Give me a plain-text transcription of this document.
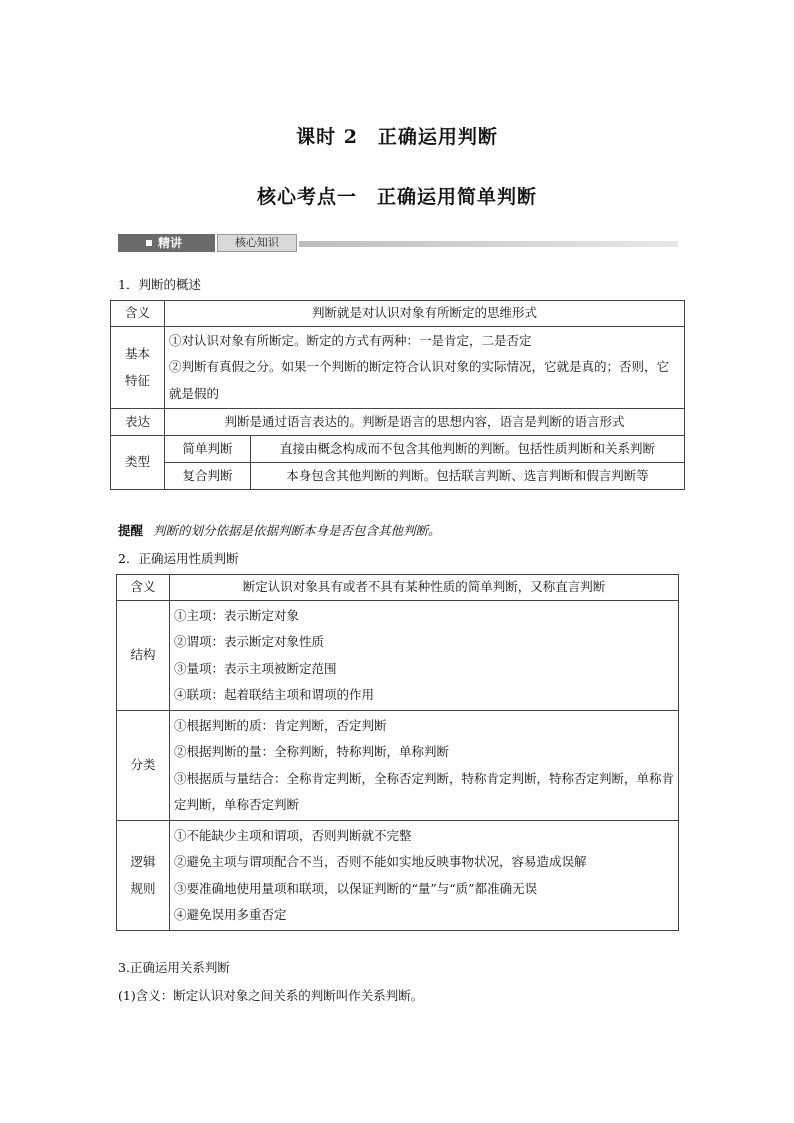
课时 2　正确运用判断
核心考点一　正确运用简单判断
精讲	核心知识
1．判断的概述
含义	判断就是对认识对象有所断定的思维形式	

基本
特征	①对认识对象有所断定。断定的方式有两种：一是肯定，二是否定
②判断有真假之分。如果一个判断的断定符合认识对象的实际情况，它就是真的；否则，它就是假的	

表达	判断是通过语言表达的。判断是语言的思想内容，语言是判断的语言形式	
类型	简单判断	直接由概念构成而不包含其他判断的判断。包括性质判断和关系判断
	复合判断	本身包含其他判断的判断。包括联言判断、选言判断和假言判断等
提醒 判断的划分依据是依据判断本身是否包含其他判断。
2．正确运用性质判断
含义	断定认识对象具有或者不具有某种性质的简单判断，又称直言判断
结构	①主项：表示断定对象
②谓项：表示断定对象性质
③量项：表示主项被断定范围
④联项：起着联结主项和谓项的作用

分类	①根据判断的质：肯定判断，否定判断
②根据判断的量：全称判断，特称判断，单称判断
③根据质与量结合：全称肯定判断，全称否定判断，特称肯定判断，特称否定判断，单称肯定判断，单称否定判断

逻辑
规则	①不能缺少主项和谓项，否则判断就不完整
②避免主项与谓项配合不当，否则不能如实地反映事物状况，容易造成误解
③要准确地使用量项和联项，以保证判断的“量”与“质”都准确无误
④避免误用多重否定
3.正确运用关系判断
(1)含义：断定认识对象之间关系的判断叫作关系判断。
